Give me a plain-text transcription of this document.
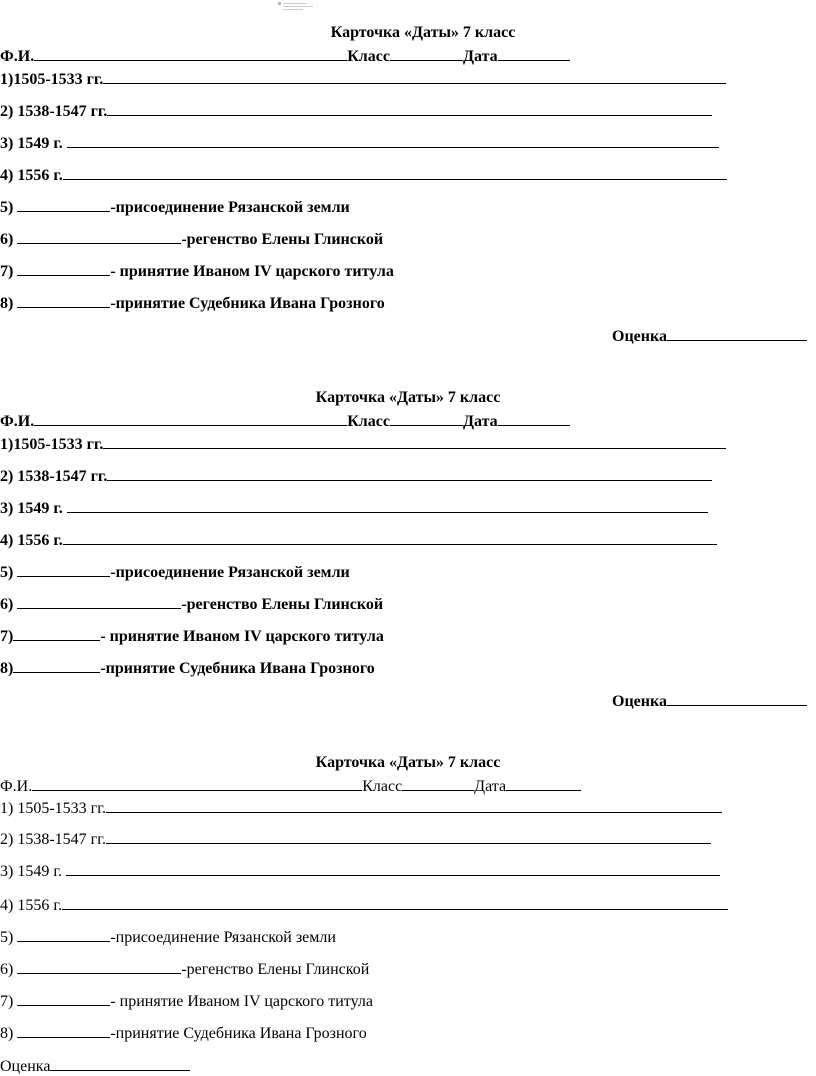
Карточка «Даты» 7 класс
Ф.И.	Класс	Дата
1)1505-1533 гг.
2) 1538-1547 гг.
3) 1549 г.
4) 1556 г.
5)	-присоединение Рязанской земли
6)	-регенство Елены Глинской
7)	- принятие Иваном IV царского титула
8)	-принятие Судебника Ивана Грозного
Оценка
Карточка «Даты» 7 класс
Ф.И.	Класс	Дата
1)1505-1533 гг.
2) 1538-1547 гг.
3) 1549 г.
4) 1556 г.
5)	-присоединение Рязанской земли
6)	-регенство Елены Глинской
7)	- принятие Иваном IV царского титула
8)	-принятие Судебника Ивана Грозного
Оценка
Карточка «Даты» 7 класс
Ф.И.	Класс	Дата
1) 1505-1533 гг.
2) 1538-1547 гг.
3) 1549 г.
4) 1556 г.
5)	-присоединение Рязанской земли
6)	-регенство Елены Глинской
7)	- принятие Иваном IV царского титула
8)	-принятие Судебника Ивана Грозного
Оценка
